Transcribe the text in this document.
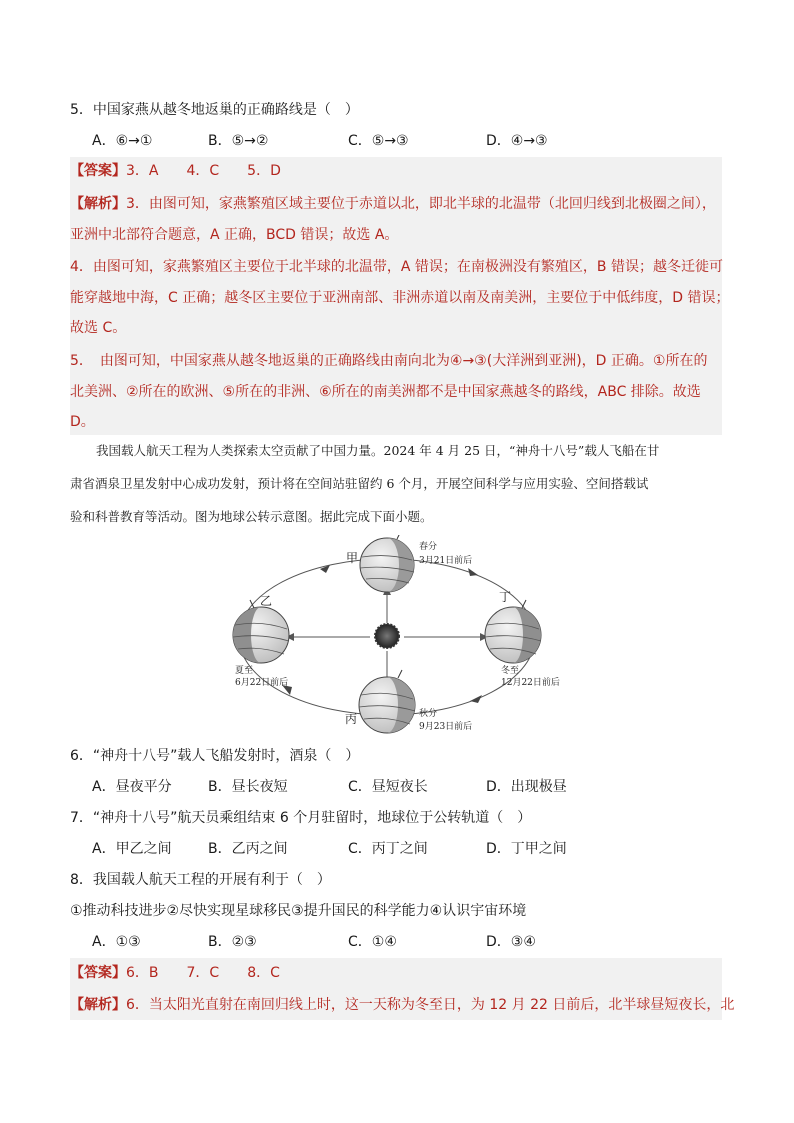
5．中国家燕从越冬地返巢的正确路线是（　）
A．⑥→①	B．⑤→②	C．⑤→③	D．④→③
【答案】3．A　　4．C　　5．D
【解析】3．由图可知，家燕繁殖区域主要位于赤道以北，即北半球的北温带（北回归线到北极圈之间），
亚洲中北部符合题意，A 正确，BCD 错误；故选 A。
4．由图可知，家燕繁殖区主要位于北半球的北温带，A 错误；在南极洲没有繁殖区，B 错误；越冬迁徙可
能穿越地中海，C 正确；越冬区主要位于亚洲南部、非洲赤道以南及南美洲，主要位于中低纬度，D 错误；
故选 C。
5．　由图可知，中国家燕从越冬地返巢的正确路线由南向北为④→③(大洋洲到亚洲)，D 正确。①所在的
北美洲、②所在的欧洲、⑤所在的非洲、⑥所在的南美洲都不是中国家燕越冬的路线，ABC 排除。故选
D。
我国载人航天工程为人类探索太空贡献了中国力量。2024 年 4 月 25 日，“神舟十八号”载人飞船在甘
肃省酒泉卫星发射中心成功发射，预计将在空间站驻留约 6 个月，开展空间科学与应用实验、空间搭载试
验和科普教育等活动。图为地球公转示意图。据此完成下面小题。
甲
乙	丁
丙
春分
3月21日前后
夏至
6月22日前后
冬至
12月22日前后
秋分
9月23日前后
6．“神舟十八号”载人飞船发射时，酒泉（　）
A．昼夜平分	B．昼长夜短	C．昼短夜长	D．出现极昼
7．“神舟十八号”航天员乘组结束 6 个月驻留时，地球位于公转轨道（　）
A．甲乙之间	B．乙丙之间	C．丙丁之间	D．丁甲之间
8．我国载人航天工程的开展有利于（　）
①推动科技进步②尽快实现星球移民③提升国民的科学能力④认识宇宙环境
A．①③	B．②③	C．①④	D．③④
【答案】6．B　　7．C　　8．C
【解析】6．当太阳光直射在南回归线上时，这一天称为冬至日，为 12 月 22 日前后，北半球昼短夜长，北
